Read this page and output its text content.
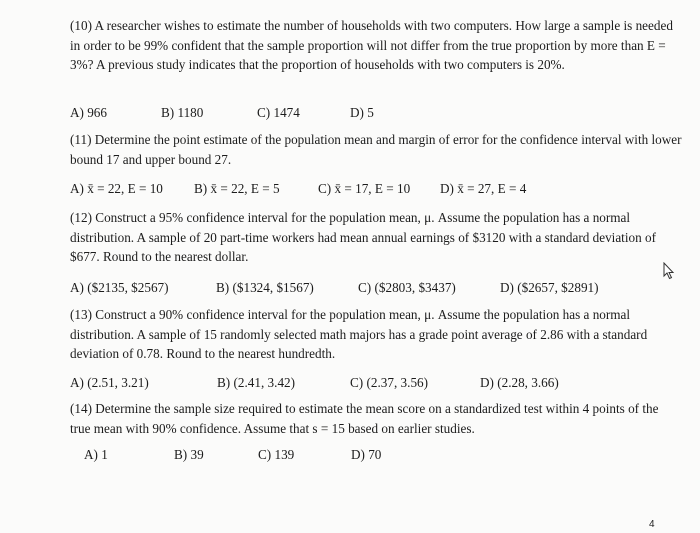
(10) A researcher wishes to estimate the number of households with two computers. How large a sample is needed in order to be 99% confident that the sample proportion will not differ from the true proportion by more than E = 3%? A previous study indicates that the proportion of households with two computers is 20%.
A) 966	B) 1180	C) 1474	D) 5
(11) Determine the point estimate of the population mean and margin of error for the confidence interval with lower bound 17 and upper bound 27.
A) x̄ = 22, E = 10 B) x̄ = 22, E = 5	C) x̄ = 17, E = 10 D) x̄ = 27, E = 4
(12) Construct a 95% confidence interval for the population mean, μ. Assume the population has a normal distribution. A sample of 20 part-time workers had mean annual earnings of $3120 with a standard deviation of $677. Round to the nearest dollar.
A) ($2135, $2567)	B) ($1324, $1567)	C) ($2803, $3437)	D) ($2657, $2891)
(13) Construct a 90% confidence interval for the population mean, μ. Assume the population has a normal distribution. A sample of 15 randomly selected math majors has a grade point average of 2.86 with a standard deviation of 0.78. Round to the nearest hundredth.
A) (2.51, 3.21)	B) (2.41, 3.42)	C) (2.37, 3.56)	D) (2.28, 3.66)
(14) Determine the sample size required to estimate the mean score on a standardized test within 4 points of the true mean with 90% confidence. Assume that s = 15 based on earlier studies.
A) 1	B) 39	C) 139	D) 70
4
